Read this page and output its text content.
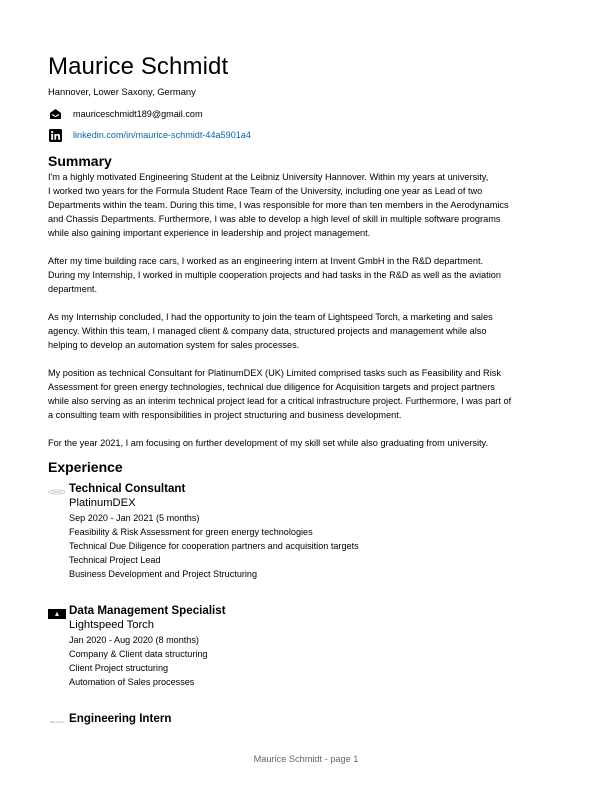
Maurice Schmidt
Hannover, Lower Saxony, Germany
mauriceschmidt189@gmail.com
linkedin.com/in/maurice-schmidt-44a5901a4
Summary

I'm a highly motivated Engineering Student at the Leibniz University Hannover. Within my years at university,
I worked two years for the Formula Student Race Team of the University, including one year as Lead of two
Departments within the team. During this time, I was responsible for more than ten members in the Aerodynamics
and Chassis Departments. Furthermore, I was able to develop a high level of skill in multiple software programs
while also gaining important experience in leadership and project management.

After my time building race cars, I worked as an engineering intern at Invent GmbH in the R&D department.
During my Internship, I worked in multiple cooperation projects and had tasks in the R&D as well as the aviation
department.

As my Internship concluded, I had the opportunity to join the team of Lightspeed Torch, a marketing and sales
agency. Within this team, I managed client & company data, structured projects and management while also
helping to develop an automation system for sales processes.

My position as technical Consultant for PlatinumDEX (UK) Limited comprised tasks such as Feasibility and Risk
Assessment for green energy technologies, technical due diligence for Acquisition targets and project partners
while also serving as an interim technical project lead for a critical infrastructure project. Furthermore, I was part of
a consulting team with responsibilities in project structuring and business development.

For the year 2021, I am focusing on further development of my skill set while also graduating from university.

Experience
Technical Consultant
PlatinumDEX
Sep 2020 - Jan 2021 (5 months)
Feasibility & Risk Assessment for green energy technologies
Technical Due Diligence for cooperation partners and acquisition targets
Technical Project Lead
Business Development and Project Structuring
Data Management Specialist
Lightspeed Torch
Jan 2020 - Aug 2020 (8 months)
Company & Client data structuring
Client Project structuring
Automation of Sales processes
Engineering Intern
Maurice Schmidt - page 1
